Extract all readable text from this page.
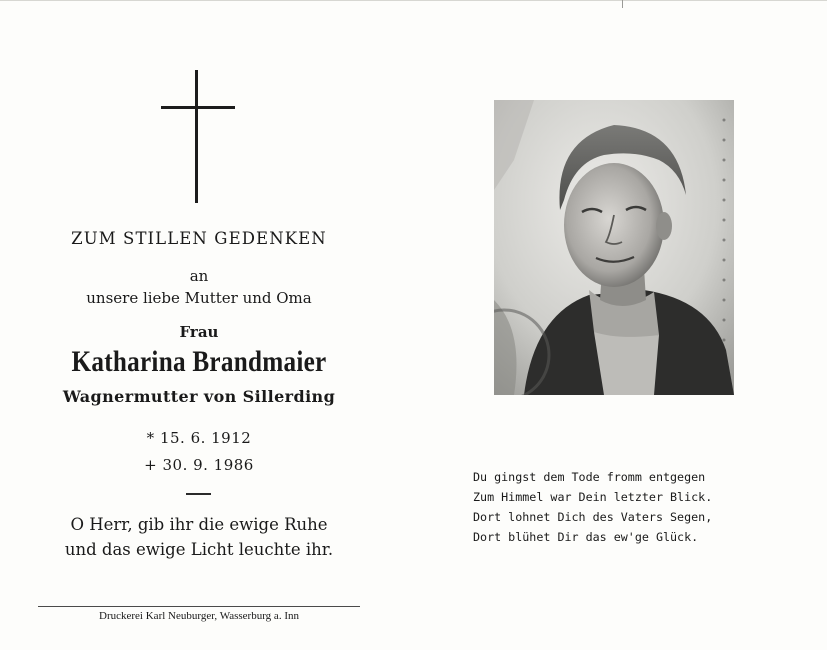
ZUM STILLEN GEDENKEN
an
unsere liebe Mutter und Oma
Frau
Katharina Brandmaier
Wagnermutter von Sillerding
* 15. 6. 1912
+ 30. 9. 1986
O Herr, gib ihr die ewige Ruhe
und das ewige Licht leuchte ihr.
Druckerei Karl Neuburger, Wasserburg a. Inn
Du gingst dem Tode fromm entgegen
Zum Himmel war Dein letzter Blick.
Dort lohnet Dich des Vaters Segen,
Dort blühet Dir das ew'ge Glück.
